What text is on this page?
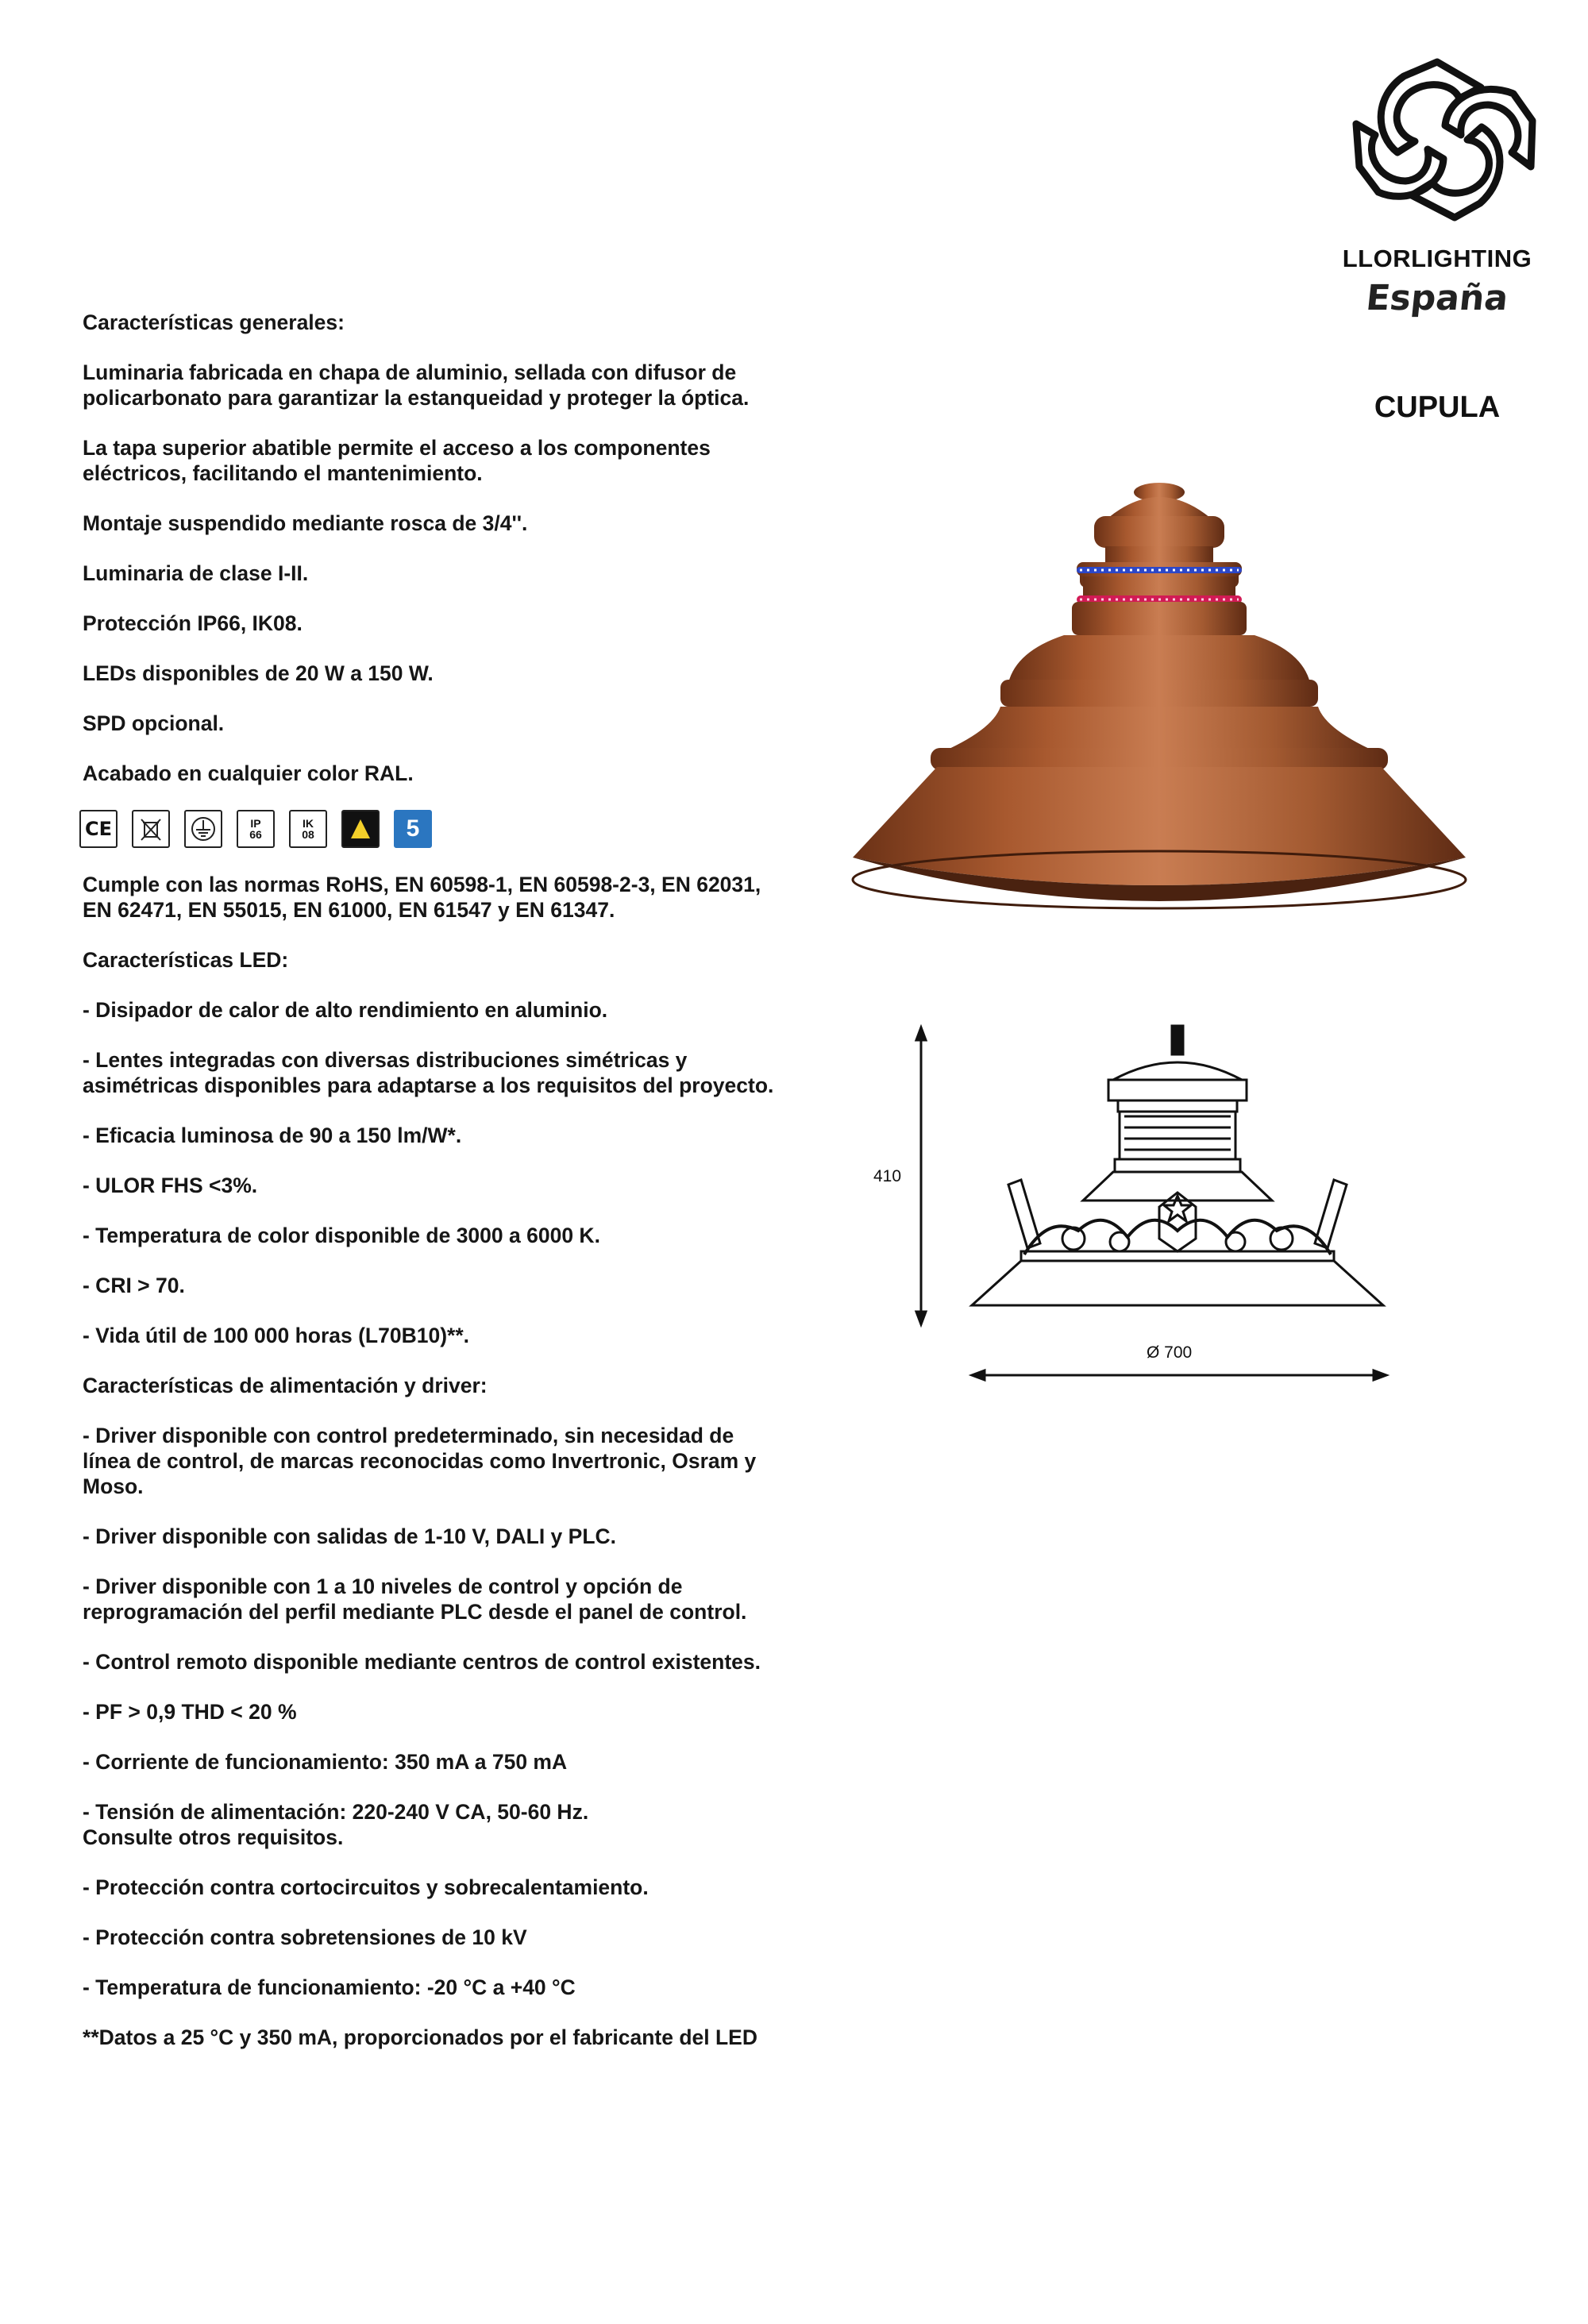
LLORLIGHTING
España
CUPULA

Características generales:

Luminaria fabricada en chapa de aluminio, sellada con difusor de policarbonato para garantizar la estanqueidad y proteger la óptica.

La tapa superior abatible permite el acceso a los componentes eléctricos, facilitando el mantenimiento.

Montaje suspendido mediante rosca de 3/4''.

Luminaria de clase I-II.

Protección IP66, IK08.

LEDs disponibles de 20 W a 150 W.

SPD opcional.

Acabado en cualquier color RAL.

Cumple con las normas RoHS, EN 60598-1, EN 60598-2-3, EN 62031, EN 62471, EN 55015, EN 61000, EN 61547 y EN 61347.

Características LED:

- Disipador de calor de alto rendimiento en aluminio.

- Lentes integradas con diversas distribuciones simétricas y asimétricas disponibles para adaptarse a los requisitos del proyecto.

- Eficacia luminosa de 90 a 150 lm/W*.

- ULOR FHS <3%.

- Temperatura de color disponible de 3000 a 6000 K.

- CRI > 70.

- Vida útil de 100 000 horas (L70B10)**.

Características de alimentación y driver:

- Driver disponible con control predeterminado, sin necesidad de línea de control, de marcas reconocidas como Invertronic, Osram y Moso.

- Driver disponible con salidas de 1-10 V, DALI y PLC.

- Driver disponible con 1 a 10 niveles de control y opción de reprogramación del perfil mediante PLC desde el panel de control.

- Control remoto disponible mediante centros de control existentes.

- PF > 0,9 THD < 20 %

- Corriente de funcionamiento: 350 mA a 750 mA

- Tensión de alimentación: 220-240 V CA, 50-60 Hz.

Consulte otros requisitos.

- Protección contra cortocircuitos y sobrecalentamiento.

- Protección contra sobretensiones de 10 kV

- Temperatura de funcionamiento: -20 °C a +40 °C

**Datos a 25 °C y 350 mA, proporcionados por el fabricante del LED

CE	IP 66
IK 08	5
410
Ø 700
